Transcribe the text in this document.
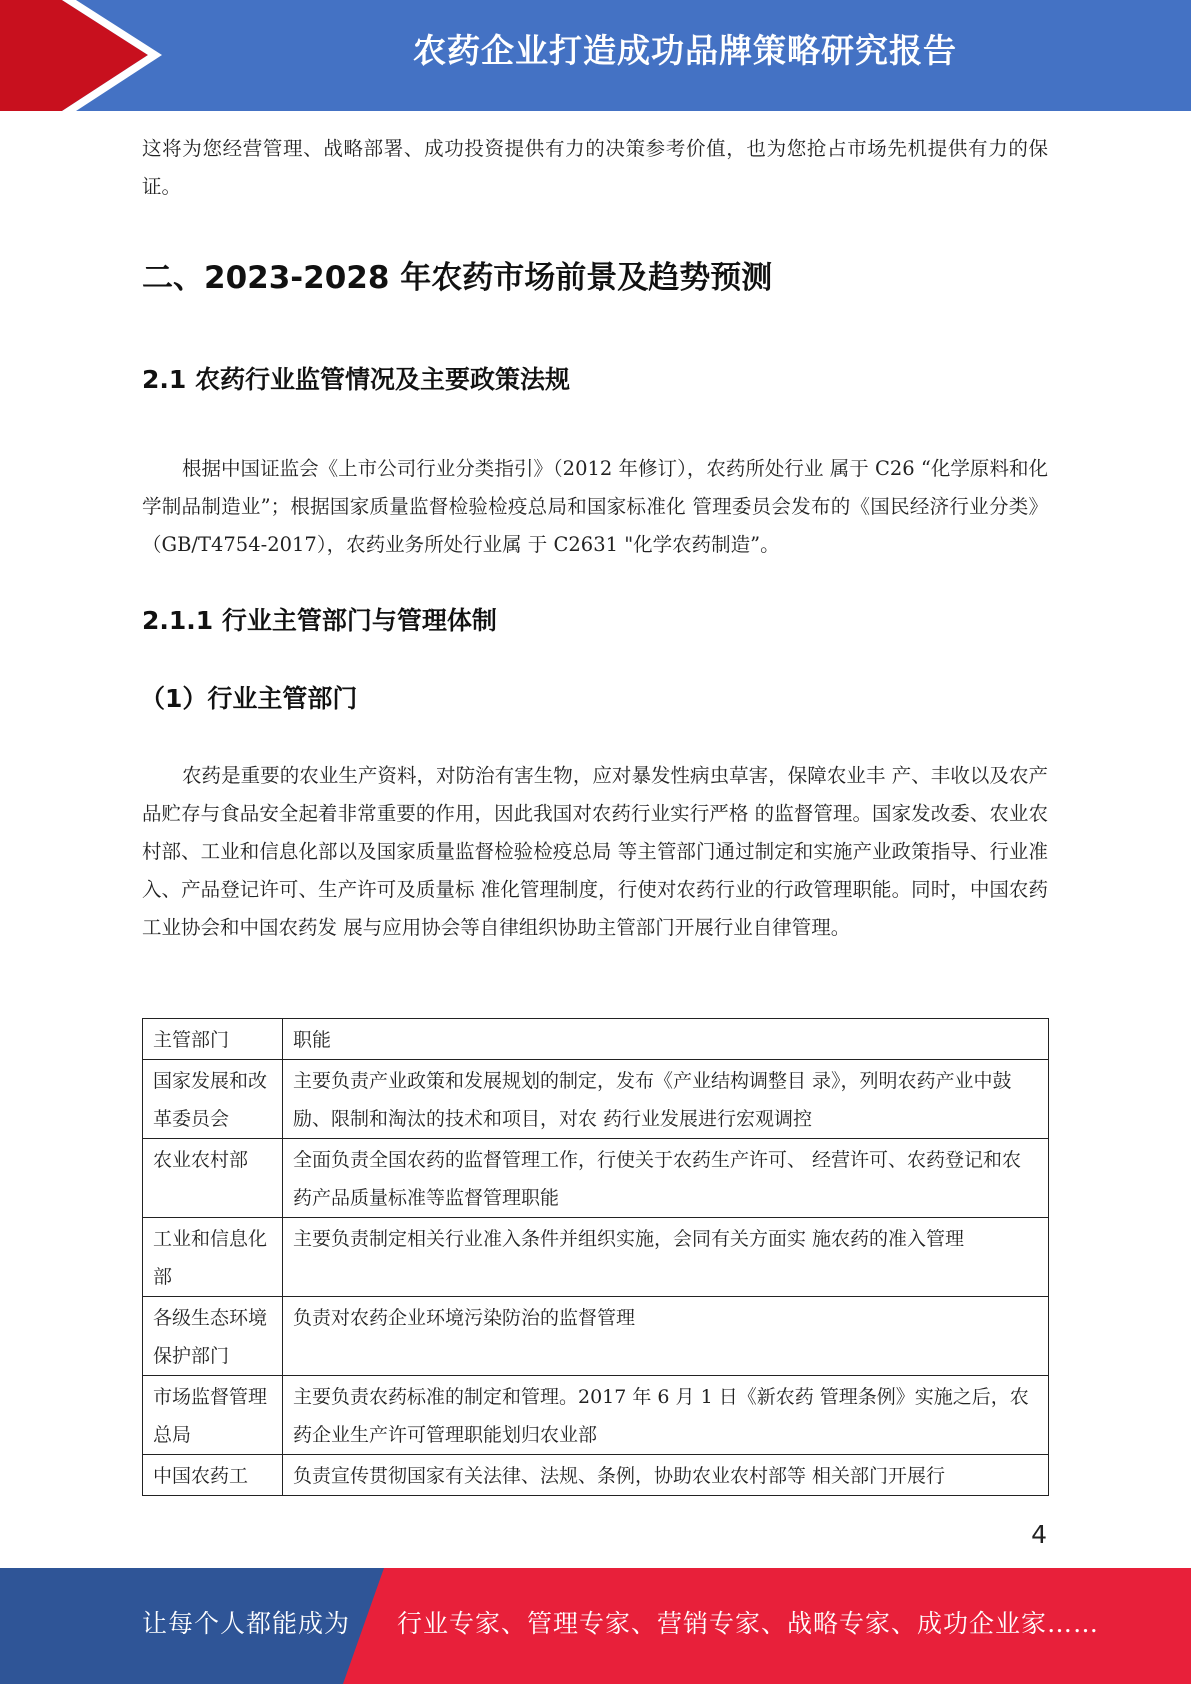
农药企业打造成功品牌策略研究报告

这将为您经营管理、战略部署、成功投资提供有力的决策参考价值，也为您抢占市场先机提供有力的保证。

二、2023-2028 年农药市场前景及趋势预测
2.1 农药行业监管情况及主要政策法规

根据中国证监会《上市公司行业分类指引》（2012 年修订），农药所处行业 属于 C26 “化学原料和化学制品制造业”；根据国家质量监督检验检疫总局和国家标准化 管理委员会发布的《国民经济行业分类》（GB/T4754-2017），农药业务所处行业属 于 C2631 "化学农药制造”。

2.1.1 行业主管部门与管理体制
（1）行业主管部门

农药是重要的农业生产资料，对防治有害生物，应对暴发性病虫草害，保障农业丰 产、丰收以及农产品贮存与食品安全起着非常重要的作用，因此我国对农药行业实行严格 的监督管理。国家发改委、农业农村部、工业和信息化部以及国家质量监督检验检疫总局 等主管部门通过制定和实施产业政策指导、行业准入、产品登记许可、生产许可及质量标 准化管理制度，行使对农药行业的行政管理职能。同时，中国农药工业协会和中国农药发 展与应用协会等自律组织协助主管部门开展行业自律管理。

主管部门	职能
国家发展和改革委员会	主要负责产业政策和发展规划的制定，发布《产业结构调整目 录》，列明农药产业中鼓励、限制和淘汰的技术和项目，对农 药行业发展进行宏观调控
农业农村部	全面负责全国农药的监督管理工作，行使关于农药生产许可、 经营许可、农药登记和农药产品质量标准等监督管理职能
工业和信息化部	主要负责制定相关行业准入条件并组织实施，会同有关方面实 施农药的准入管理
各级生态环境保护部门	负责对农药企业环境污染防治的监督管理
市场监督管理总局	主要负责农药标准的制定和管理。2017 年 6 月 1 日《新农药 管理条例》实施之后，农药企业生产许可管理职能划归农业部
中国农药工	负责宣传贯彻国家有关法律、法规、条例，协助农业农村部等 相关部门开展行
4
让每个人都能成为 行业专家、管理专家、营销专家、战略专家、成功企业家……
